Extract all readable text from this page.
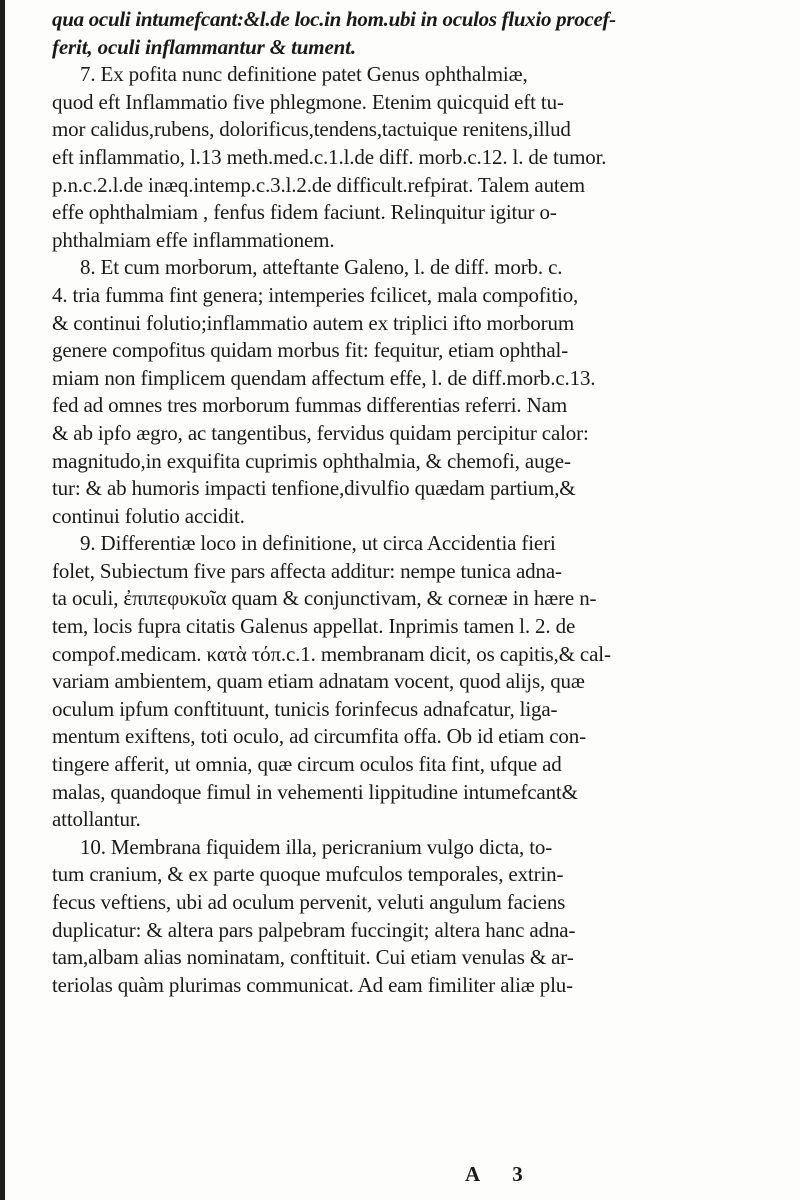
qua oculi intumefcant:&l.de loc.in hom.ubi in oculos fluxio procef-
ferit, oculi inflammantur & tument.
7. Ex pofita nunc definitione patet Genus ophthalmiæ,
quod eft Inflammatio five phlegmone. Etenim quicquid eft tu-
mor calidus,rubens, dolorificus,tendens,tactuique renitens,illud
eft inflammatio, l.13 meth.med.c.1.l.de diff. morb.c.12. l. de tumor.
p.n.c.2.l.de inæq.intemp.c.3.l.2.de difficult.refpirat. Talem autem
effe ophthalmiam , fenfus fidem faciunt. Relinquitur igitur o-
phthalmiam effe inflammationem.
8. Et cum morborum, atteftante Galeno, l. de diff. morb. c.
4. tria fumma fint genera; intemperies fcilicet, mala compofitio,
& continui folutio;inflammatio autem ex triplici ifto morborum
genere compofitus quidam morbus fit: fequitur, etiam ophthal-
miam non fimplicem quendam affectum effe, l. de diff.morb.c.13.
fed ad omnes tres morborum fummas differentias referri. Nam
& ab ipfo ægro, ac tangentibus, fervidus quidam percipitur calor:
magnitudo,in exquifita cuprimis ophthalmia, & chemofi, auge-
tur: & ab humoris impacti tenfione,divulfio quædam partium,&
continui folutio accidit.
9. Differentiæ loco in definitione, ut circa Accidentia fieri
folet, Subiectum five pars affecta additur: nempe tunica adna-
ta oculi, ἐπιπεφυκυῖα quam & conjunctivam, & corneæ in hære n-
tem, locis fupra citatis Galenus appellat. Inprimis tamen l. 2. de
compof.medicam. κατὰ τόπ.c.1. membranam dicit, os capitis,& cal-
variam ambientem, quam etiam adnatam vocent, quod alijs, quæ
oculum ipfum conftituunt, tunicis forinfecus adnafcatur, liga-
mentum exiftens, toti oculo, ad circumfita offa. Ob id etiam con-
tingere afferit, ut omnia, quæ circum oculos fita fint, ufque ad
malas, quandoque fimul in vehementi lippitudine intumefcant&
attollantur.
10. Membrana fiquidem illa, pericranium vulgo dicta, to-
tum cranium, & ex parte quoque mufculos temporales, extrin-
fecus veftiens, ubi ad oculum pervenit, veluti angulum faciens
duplicatur: & altera pars palpebram fuccingit; altera hanc adna-
tam,albam alias nominatam, conftituit. Cui etiam venulas & ar-
teriolas quàm plurimas communicat. Ad eam fimiliter aliæ plu-
A 3
